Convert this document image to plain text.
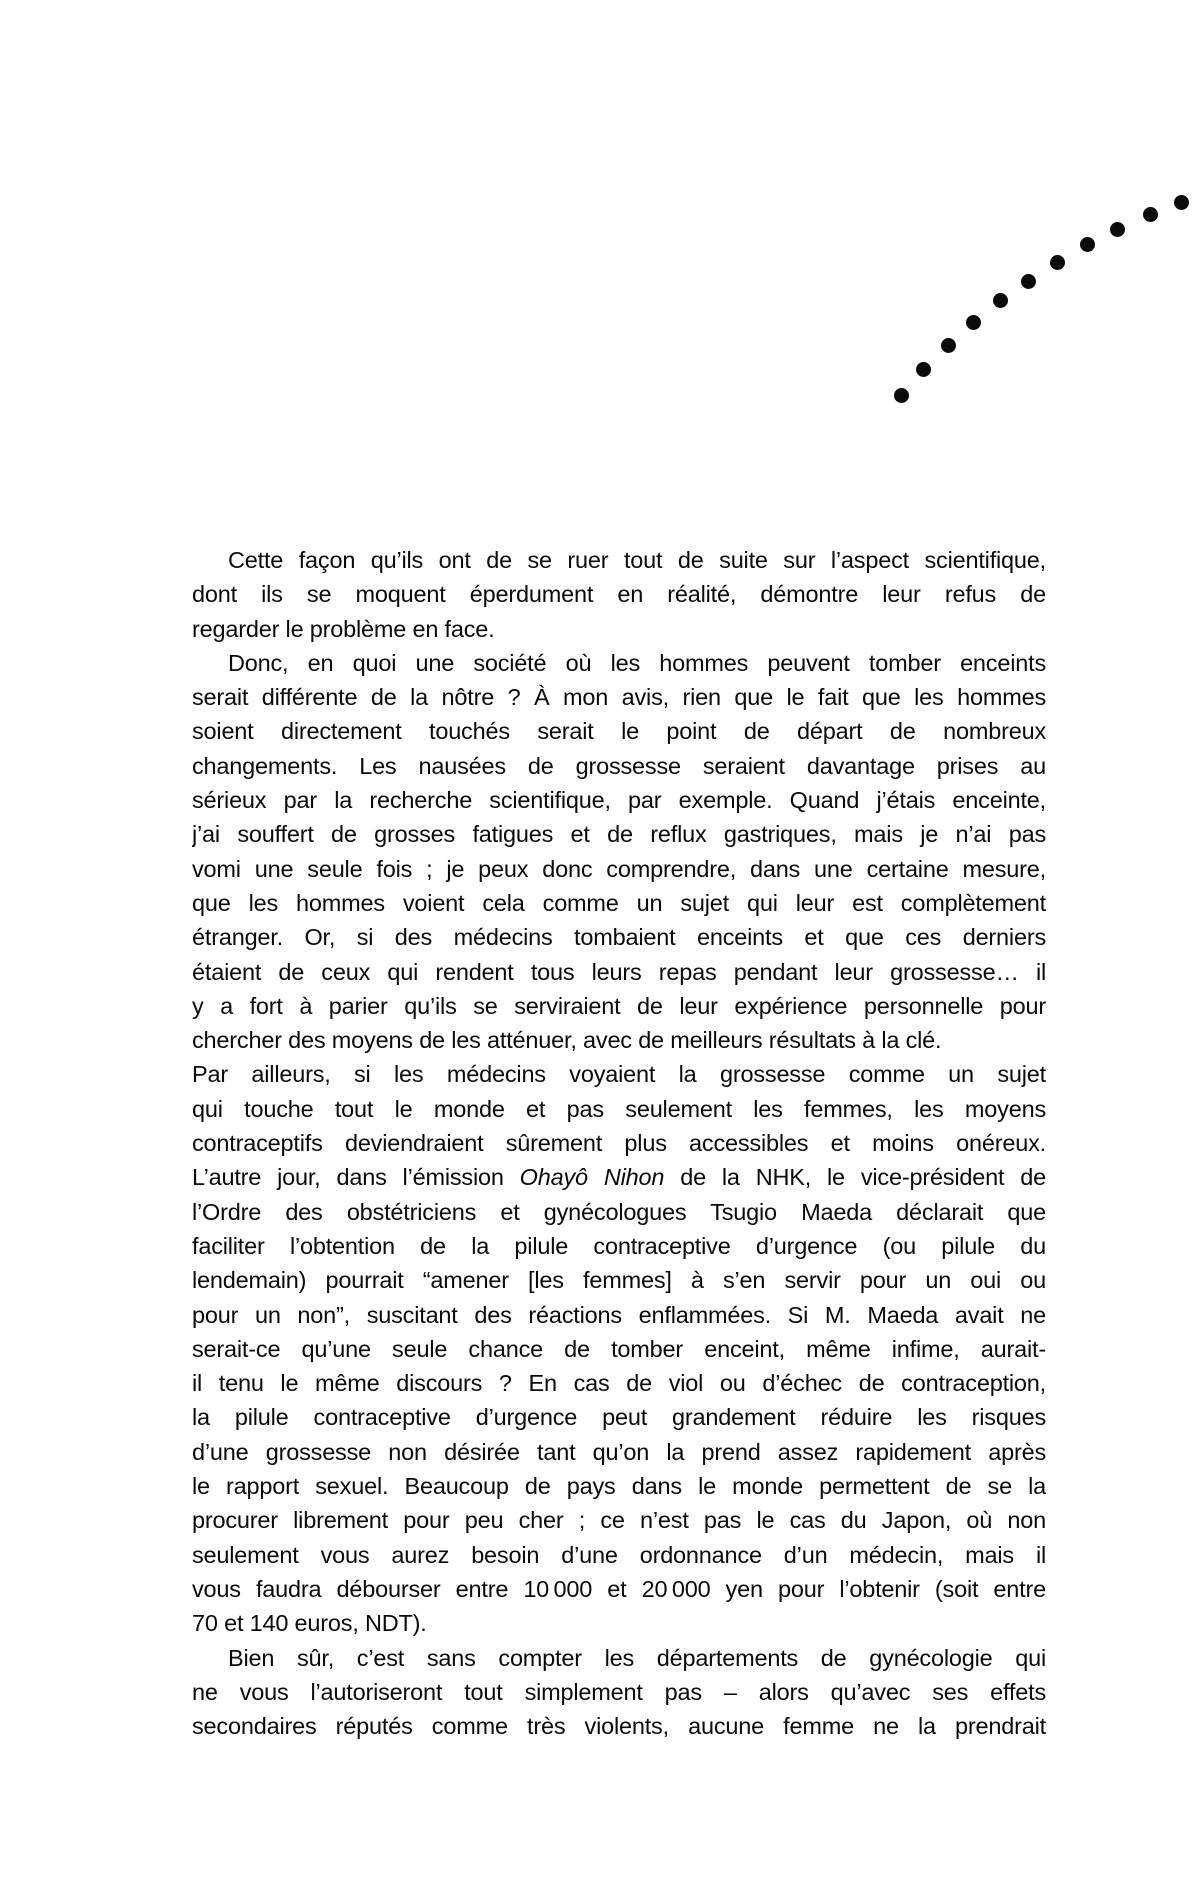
Cette façon qu’ils ont de se ruer tout de suite sur l’aspect scientifique,
dont ils se moquent éperdument en réalité, démontre leur refus de
regarder le problème en face.
Donc, en quoi une société où les hommes peuvent tomber enceints
serait différente de la nôtre ? À mon avis, rien que le fait que les hommes
soient directement touchés serait le point de départ de nombreux
changements. Les nausées de grossesse seraient davantage prises au
sérieux par la recherche scientifique, par exemple. Quand j’étais enceinte,
j’ai souffert de grosses fatigues et de reflux gastriques, mais je n’ai pas
vomi une seule fois ; je peux donc comprendre, dans une certaine mesure,
que les hommes voient cela comme un sujet qui leur est complètement
étranger. Or, si des médecins tombaient enceints et que ces derniers
étaient de ceux qui rendent tous leurs repas pendant leur grossesse… il
y a fort à parier qu’ils se serviraient de leur expérience personnelle pour
chercher des moyens de les atténuer, avec de meilleurs résultats à la clé.
Par ailleurs, si les médecins voyaient la grossesse comme un sujet
qui touche tout le monde et pas seulement les femmes, les moyens
contraceptifs deviendraient sûrement plus accessibles et moins onéreux.
L’autre jour, dans l’émission Ohayô Nihon de la NHK, le vice-président de
l’Ordre des obstétriciens et gynécologues Tsugio Maeda déclarait que
faciliter l’obtention de la pilule contraceptive d’urgence (ou pilule du
lendemain) pourrait “amener [les femmes] à s’en servir pour un oui ou
pour un non”, suscitant des réactions enflammées. Si M. Maeda avait ne
serait-ce qu’une seule chance de tomber enceint, même infime, aurait-
il tenu le même discours ? En cas de viol ou d’échec de contraception,
la pilule contraceptive d’urgence peut grandement réduire les risques
d’une grossesse non désirée tant qu’on la prend assez rapidement après
le rapport sexuel. Beaucoup de pays dans le monde permettent de se la
procurer librement pour peu cher ; ce n’est pas le cas du Japon, où non
seulement vous aurez besoin d’une ordonnance d’un médecin, mais il
vous faudra débourser entre 10 000 et 20 000 yen pour l’obtenir (soit entre
70 et 140 euros, NDT).
Bien sûr, c’est sans compter les départements de gynécologie qui
ne vous l’autoriseront tout simplement pas – alors qu’avec ses effets
secondaires réputés comme très violents, aucune femme ne la prendrait
